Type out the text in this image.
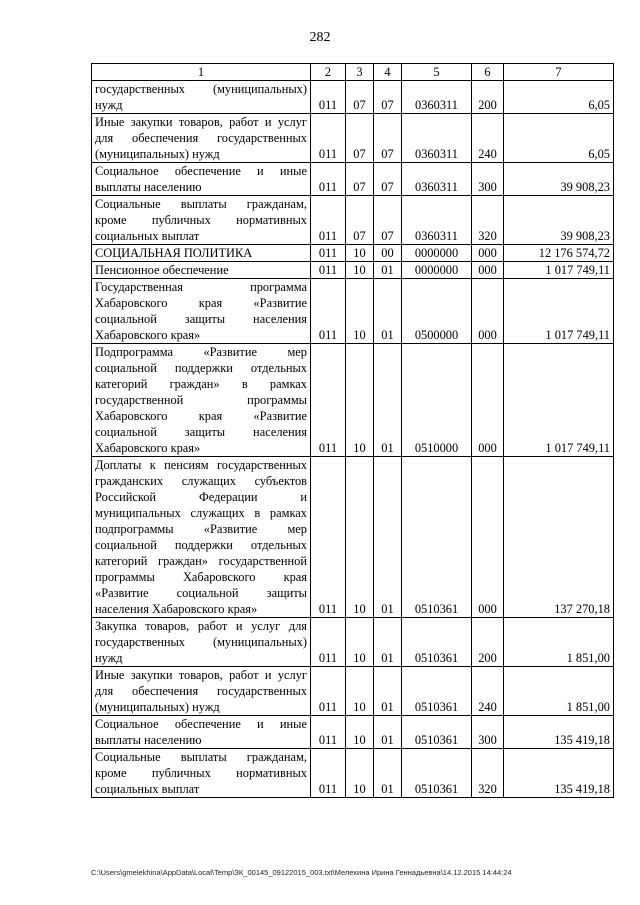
282
1	2	3	4	5	6	7
государственных (муниципальных) нужд	011	07	07	0360311	200	6,05
Иные закупки товаров, работ и услуг для обеспечения государственных (муниципальных) нужд	011	07	07	0360311	240	6,05
Социальное обеспечение и иные выплаты населению	011	07	07	0360311	300	39 908,23
Социальные выплаты гражданам, кроме публичных нормативных социальных выплат	011	07	07	0360311	320	39 908,23
СОЦИАЛЬНАЯ ПОЛИТИКА	011	10	00	0000000	000	12 176 574,72
Пенсионное обеспечение	011	10	01	0000000	000	1 017 749,11
Государственная программа Хабаровского края «Развитие социальной защиты населения Хабаровского края»	011	10	01	0500000	000	1 017 749,11
Подпрограмма «Развитие мер социальной поддержки отдельных категорий граждан» в рамках государственной программы Хабаровского края «Развитие социальной защиты населения Хабаровского края»	011	10	01	0510000	000	1 017 749,11
Доплаты к пенсиям государственных гражданских служащих субъектов Российской Федерации и муниципальных служащих в рамках подпрограммы «Развитие мер социальной поддержки отдельных категорий граждан» государственной программы Хабаровского края «Развитие социальной защиты населения Хабаровского края»	011	10	01	0510361	000	137 270,18
Закупка товаров, работ и услуг для государственных (муниципальных) нужд	011	10	01	0510361	200	1 851,00
Иные закупки товаров, работ и услуг для обеспечения государственных (муниципальных) нужд	011	10	01	0510361	240	1 851,00
Социальное обеспечение и иные выплаты населению	011	10	01	0510361	300	135 419,18
Социальные выплаты гражданам, кроме публичных нормативных социальных выплат	011	10	01	0510361	320	135 419,18
C:\Users\gmelekhina\AppData\Local\Temp\ЗК_00145_09122015_003.txt\Мелехина Ирина Геннадьевна\14.12.2015 14:44:24
